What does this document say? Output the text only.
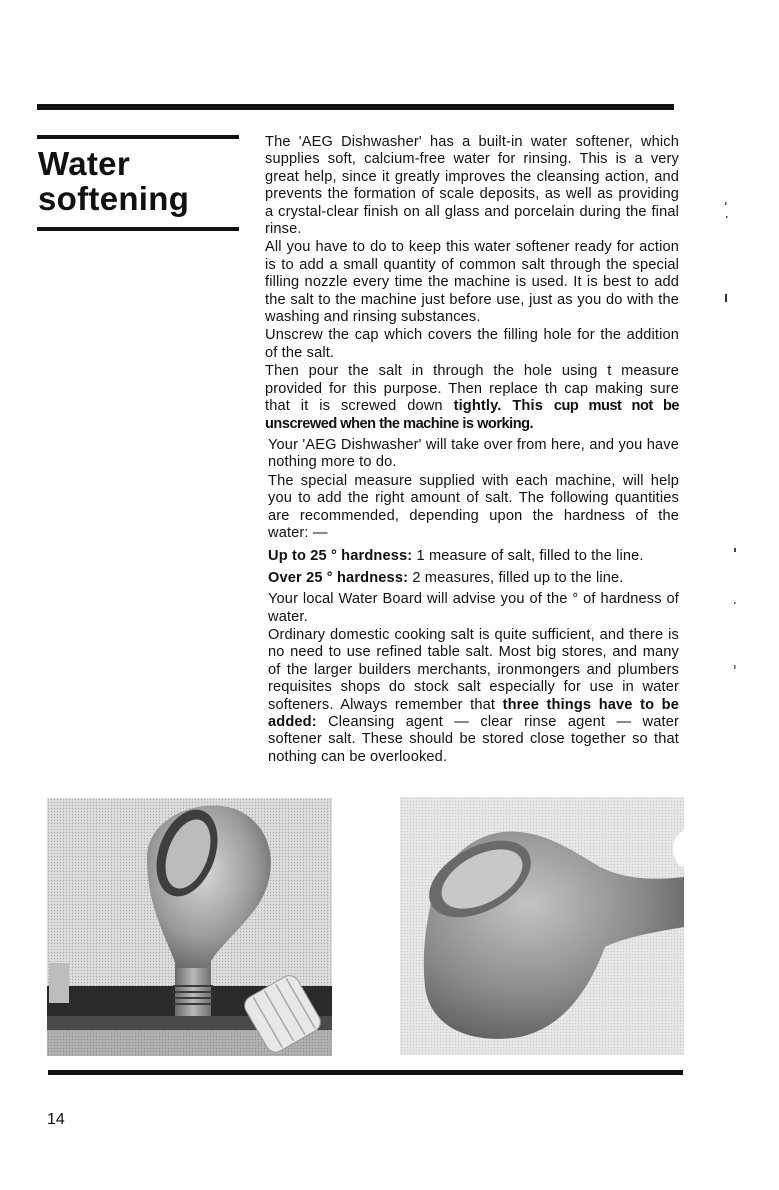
Water
softening

The 'AEG Dishwasher' has a built-in water softener, which supplies soft, calcium-free water for rinsing. This is a very great help, since it greatly improves the cleansing action, and prevents the formation of scale deposits, as well as providing a crystal-clear finish on all glass and porcelain during the final rinse.

All you have to do to keep this water softener ready for action is to add a small quantity of common salt through the special filling nozzle every time the machine is used. It is best to add the salt to the machine just before use, just as you do with the washing and rinsing substances.

Unscrew the cap which covers the filling hole for the addition of the salt.

Then pour the salt in through the hole using t measure provided for this purpose. Then replace th cap making sure that it is screwed down tightly. This cup must not be unscrewed when the machine is working.

Your 'AEG Dishwasher' will take over from here, and you have nothing more to do.

The special measure supplied with each machine, will help you to add the right amount of salt. The following quantities are recommended, depending upon the hardness of the water: —

Up to 25 ° hardness: 1 measure of salt, filled to the line.

Over 25 ° hardness: 2 measures, filled up to the line.

Your local Water Board will advise you of the ° of hardness of water.

Ordinary domestic cooking salt is quite sufficient, and there is no need to use refined table salt. Most big stores, and many of the larger builders merchants, ironmongers and plumbers requisites shops do stock salt especially for use in water softeners. Always remember that three things have to be added: Cleansing agent — clear rinse agent — water softener salt. These should be stored close together so that nothing can be overlooked.

14
